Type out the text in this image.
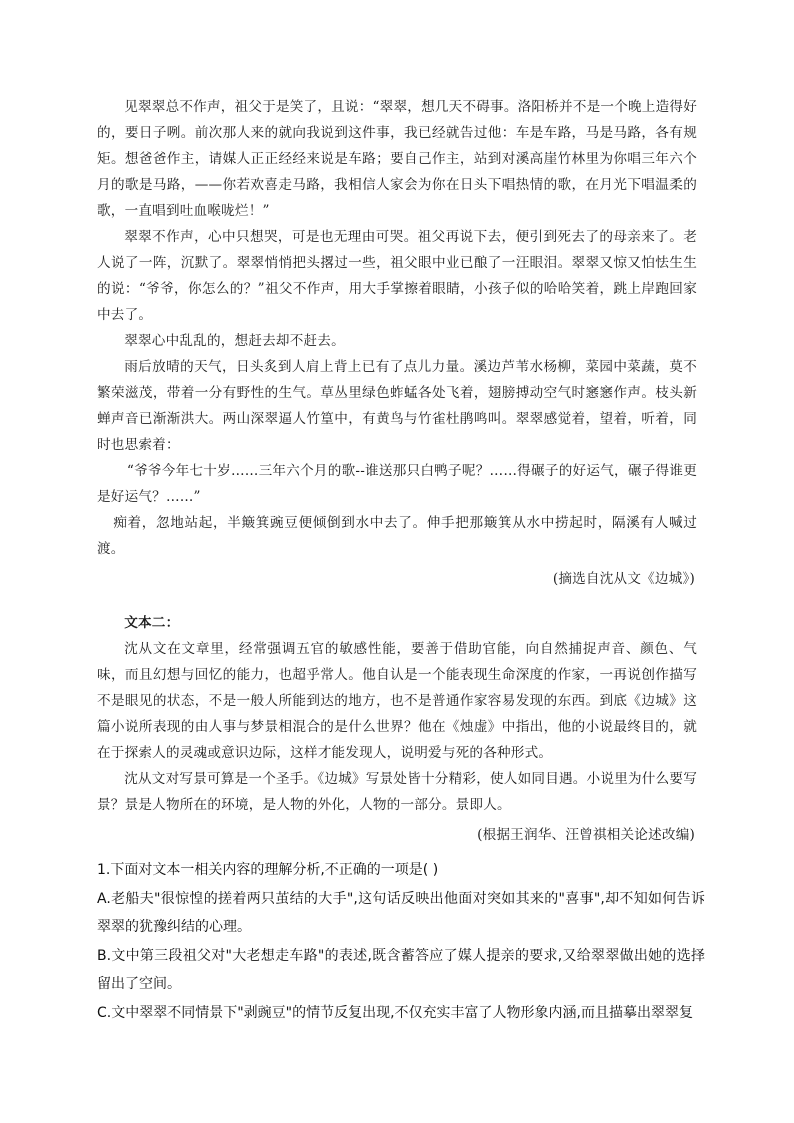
见翠翠总不作声，祖父于是笑了，且说：“翠翠，想几天不碍事。洛阳桥并不是一个晚上造得好的，要日子咧。前次那人来的就向我说到这件事，我已经就告过他：车是车路，马是马路，各有规矩。想爸爸作主，请媒人正正经经来说是车路；要自己作主，站到对溪高崖竹林里为你唱三年六个月的歌是马路，——你若欢喜走马路，我相信人家会为你在日头下唱热情的歌，在月光下唱温柔的歌，一直唱到吐血喉咙烂！”

翠翠不作声，心中只想哭，可是也无理由可哭。祖父再说下去，便引到死去了的母亲来了。老人说了一阵，沉默了。翠翠悄悄把头撂过一些，祖父眼中业已酿了一汪眼泪。翠翠又惊又怕怯生生的说：“爷爷，你怎么的？”祖父不作声，用大手掌擦着眼睛，小孩子似的哈哈笑着，跳上岸跑回家中去了。

翠翠心中乱乱的，想赶去却不赶去。

雨后放晴的天气，日头炙到人肩上背上已有了点儿力量。溪边芦苇水杨柳，菜园中菜蔬，莫不繁荣滋茂，带着一分有野性的生气。草丛里绿色蚱蜢各处飞着，翅膀搏动空气时窸窸作声。枝头新蝉声音已渐渐洪大。两山深翠逼人竹篁中，有黄鸟与竹雀杜鹃鸣叫。翠翠感觉着，望着，听着，同时也思索着：

“爷爷今年七十岁……三年六个月的歌--谁送那只白鸭子呢？……得碾子的好运气，碾子得谁更是好运气？……”

痴着，忽地站起，半簸箕豌豆便倾倒到水中去了。伸手把那簸箕从水中捞起时，隔溪有人喊过渡。

(摘选自沈从文《边城》)

文本二：

沈从文在文章里，经常强调五官的敏感性能，要善于借助官能，向自然捕捉声音、颜色、气味，而且幻想与回忆的能力，也超乎常人。他自认是一个能表现生命深度的作家，一再说创作描写不是眼见的状态，不是一般人所能到达的地方，也不是普通作家容易发现的东西。到底《边城》这篇小说所表现的由人事与梦景相混合的是什么世界？他在《烛虚》中指出，他的小说最终目的，就在于探索人的灵魂或意识边际，这样才能发现人，说明爱与死的各种形式。

沈从文对写景可算是一个圣手。《边城》写景处皆十分精彩，使人如同目遇。小说里为什么要写景？景是人物所在的环境，是人物的外化，人物的一部分。景即人。

(根据王润华、汪曾祺相关论述改编)

1.下面对文本一相关内容的理解分析,不正确的一项是( )

A.老船夫"很惊惶的搓着两只茧结的大手",这句话反映出他面对突如其来的"喜事",却不知如何告诉翠翠的犹豫纠结的心理。

B.文中第三段祖父对"大老想走车路"的表述,既含蓄答应了媒人提亲的要求,又给翠翠做出她的选择留出了空间。

C.文中翠翠不同情景下"剥豌豆"的情节反复出现,不仅充实丰富了人物形象内涵,而且描摹出翠翠复
